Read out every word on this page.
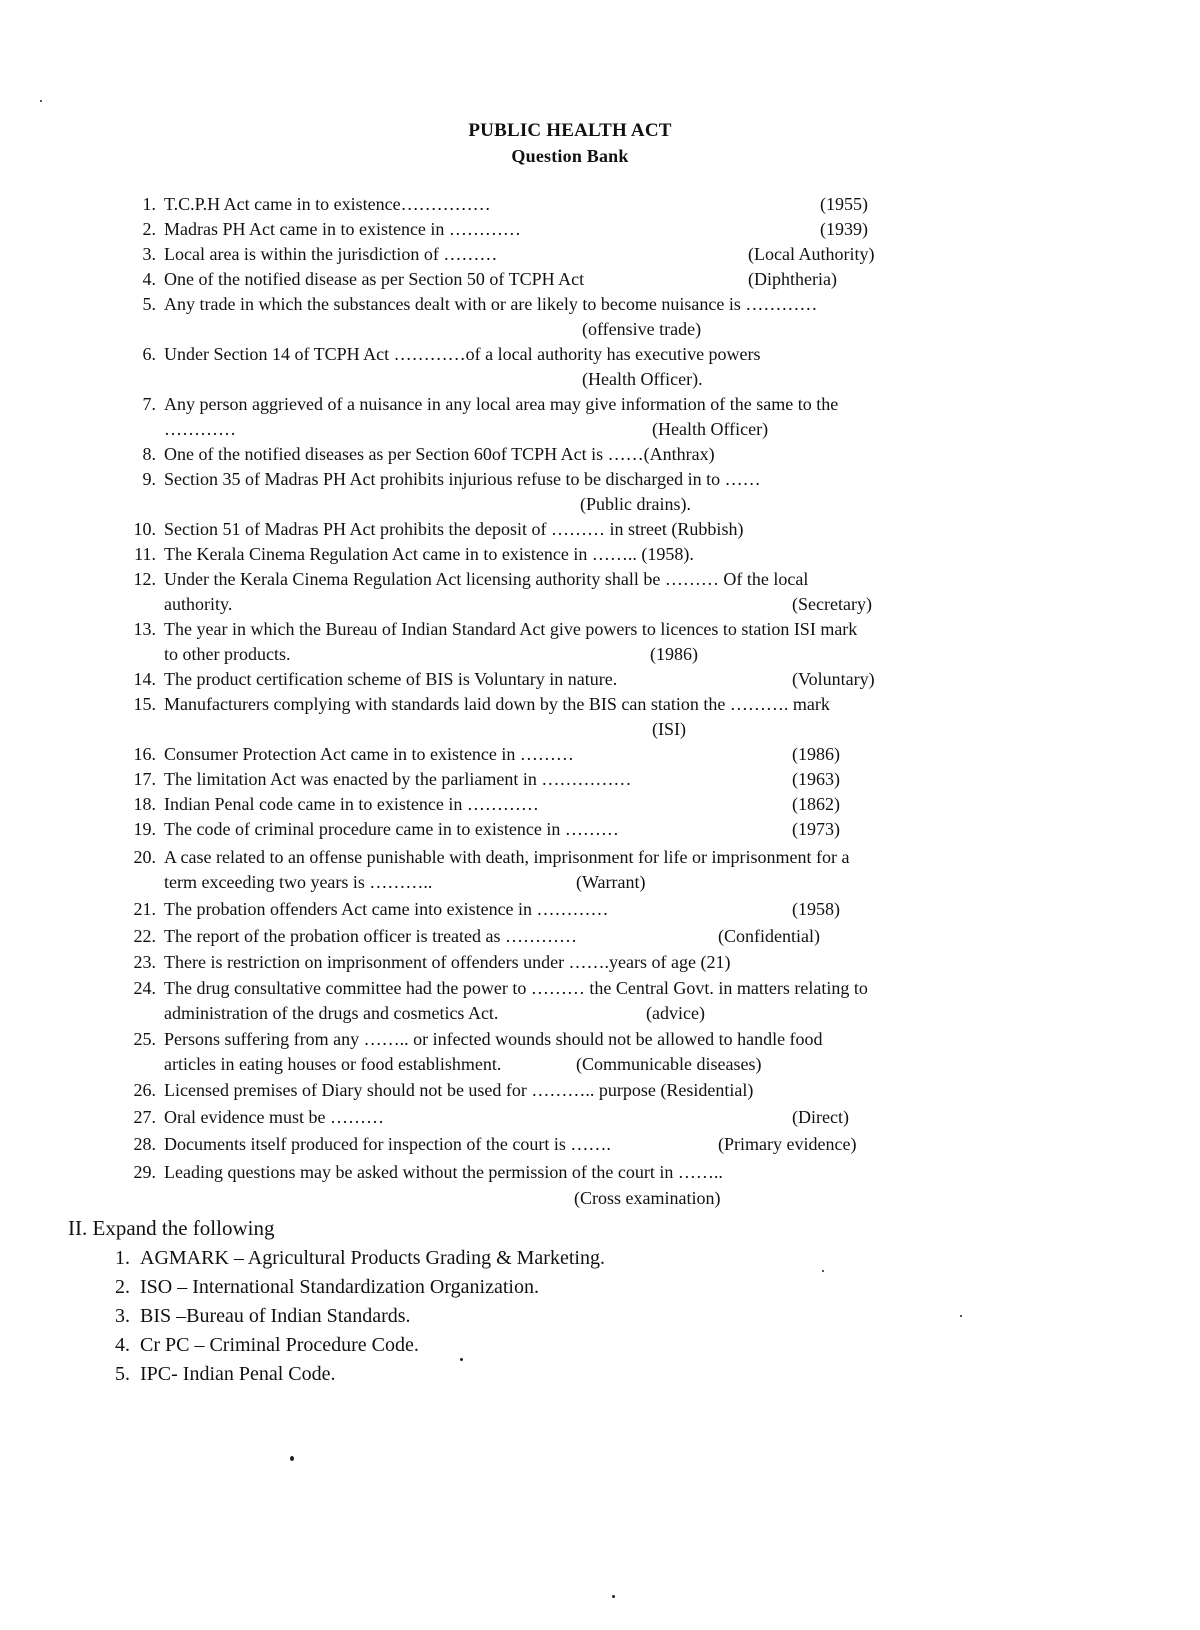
PUBLIC HEALTH ACT
Question Bank
1. T.C.P.H Act came in to existence……………	(1955)
2. Madras PH Act came in to existence in …………	(1939)
3. Local area is within the jurisdiction of ………	(Local Authority)
4. One of the notified disease as per Section 50 of TCPH Act	(Diphtheria)
5. Any trade in which the substances dealt with or are likely to become nuisance is …………
(offensive trade)
6. Under Section 14 of TCPH Act …………of a local authority has executive powers
(Health Officer).
7. Any person aggrieved of a nuisance in any local area may give information of the same to the
…………	(Health Officer)
8. One of the notified diseases as per Section 60of TCPH Act is ……(Anthrax)
9. Section 35 of Madras PH Act prohibits injurious refuse to be discharged in to ……
(Public drains).
10. Section 51 of Madras PH Act prohibits the deposit of ……… in street (Rubbish)
11. The Kerala Cinema Regulation Act came in to existence in …….. (1958).
12. Under the Kerala Cinema Regulation Act licensing authority shall be ……… Of the local
authority.	(Secretary)
13. The year in which the Bureau of Indian Standard Act give powers to licences to station ISI mark
to other products.	(1986)
14. The product certification scheme of BIS is Voluntary in nature.	(Voluntary)
15. Manufacturers complying with standards laid down by the BIS can station the ………. mark
(ISI)
16. Consumer Protection Act came in to existence in ………	(1986)
17. The limitation Act was enacted by the parliament in ……………	(1963)
18. Indian Penal code came in to existence in …………	(1862)
19. The code of criminal procedure came in to existence in ………	(1973)
20. A case related to an offense punishable with death, imprisonment for life or imprisonment for a
term exceeding two years is ………..	(Warrant)
21. The probation offenders Act came into existence in …………	(1958)
22. The report of the probation officer is treated as …………	(Confidential)
23. There is restriction on imprisonment of offenders under …….years of age (21)
24. The drug consultative committee had the power to ……… the Central Govt. in matters relating to
administration of the drugs and cosmetics Act.	(advice)
25. Persons suffering from any …….. or infected wounds should not be allowed to handle food
articles in eating houses or food establishment.	(Communicable diseases)
26. Licensed premises of Diary should not be used for ……….. purpose (Residential)
27. Oral evidence must be ………	(Direct)
28. Documents itself produced for inspection of the court is …….	(Primary evidence)
29. Leading questions may be asked without the permission of the court in ……..
(Cross examination)
II. Expand the following
1. AGMARK – Agricultural Products Grading & Marketing.
2. ISO – International Standardization Organization.
3. BIS –Bureau of Indian Standards.
4. Cr PC – Criminal Procedure Code.
5. IPC- Indian Penal Code.
